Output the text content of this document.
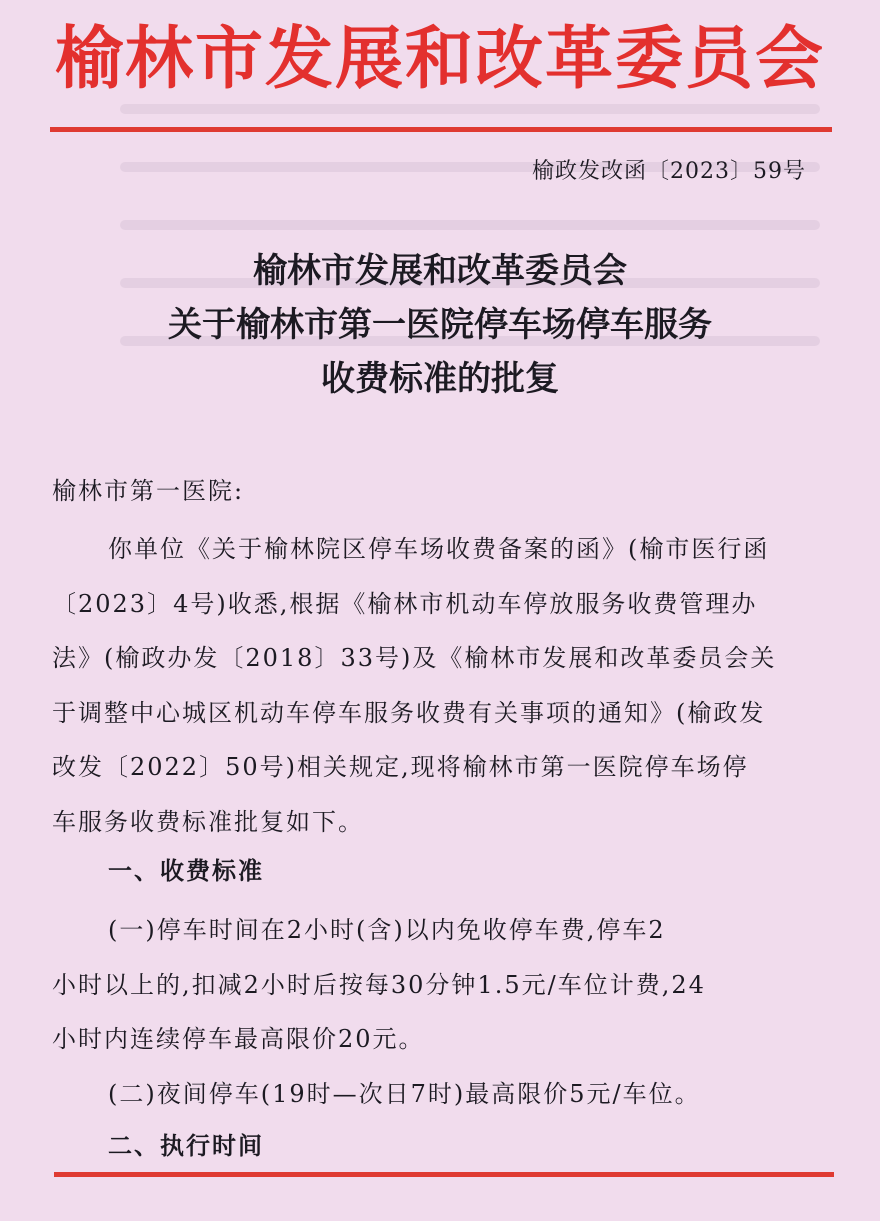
榆林市发展和改革委员会
榆政发改函〔2023〕59号
榆林市发展和改革委员会
关于榆林市第一医院停车场停车服务
收费标准的批复
榆林市第一医院:
你单位《关于榆林院区停车场收费备案的函》(榆市医行函
〔2023〕4号)收悉,根据《榆林市机动车停放服务收费管理办
法》(榆政办发〔2018〕33号)及《榆林市发展和改革委员会关
于调整中心城区机动车停车服务收费有关事项的通知》(榆政发
改发〔2022〕50号)相关规定,现将榆林市第一医院停车场停
车服务收费标准批复如下。
一、收费标准
(一)停车时间在2小时(含)以内免收停车费,停车2
小时以上的,扣减2小时后按每30分钟1.5元/车位计费,24
小时内连续停车最高限价20元。
(二)夜间停车(19时—次日7时)最高限价5元/车位。
二、执行时间
